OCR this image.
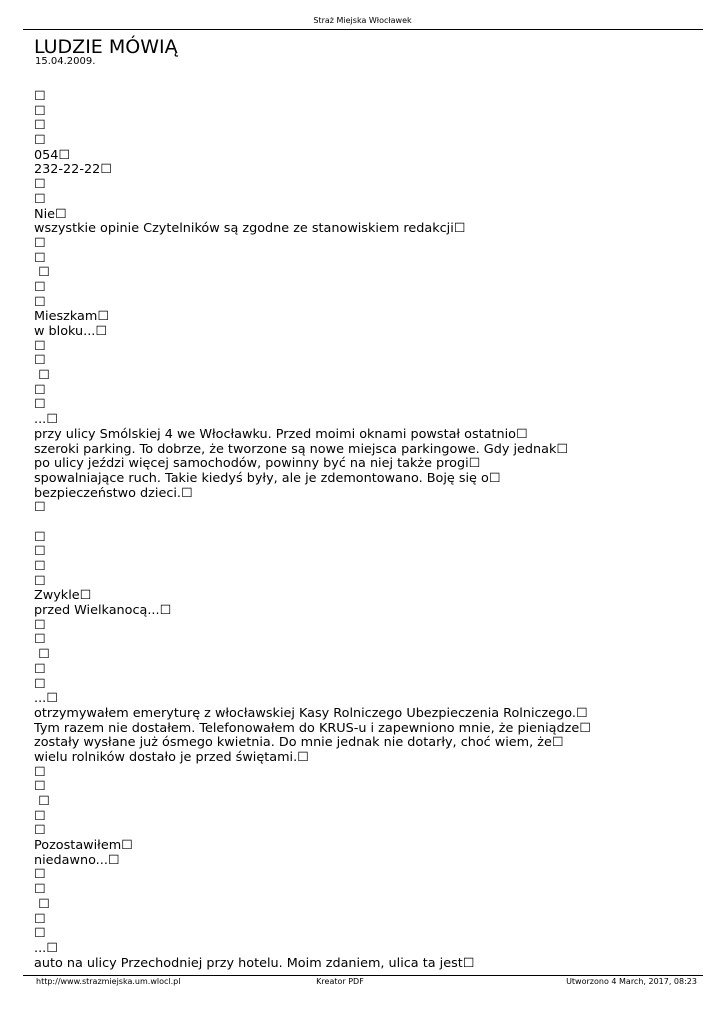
Straż Miejska Włocławek
LUDZIE MÓWIĄ
15.04.2009.
☐
☐
☐
☐
054☐
232-22-22☐
☐
☐
Nie☐
wszystkie opinie Czytelników są zgodne ze stanowiskiem redakcji☐
☐
☐
☐
☐
☐
Mieszkam☐
w bloku...☐
☐
☐
☐
☐
☐
...☐
przy ulicy Smólskiej 4 we Włocławku. Przed moimi oknami powstał ostatnio☐
szeroki parking. To dobrze, że tworzone są nowe miejsca parkingowe. Gdy jednak☐
po ulicy jeździ więcej samochodów, powinny być na niej także progi☐
spowalniające ruch. Takie kiedyś były, ale je zdemontowano. Boję się o☐
bezpieczeństwo dzieci.☐
☐
☐
☐
☐
☐
Zwykle☐
przed Wielkanocą...☐
☐
☐
☐
☐
☐
...☐
otrzymywałem emeryturę z włocławskiej Kasy Rolniczego Ubezpieczenia Rolniczego.☐
Tym razem nie dostałem. Telefonowałem do KRUS-u i zapewniono mnie, że pieniądze☐
zostały wysłane już ósmego kwietnia. Do mnie jednak nie dotarły, choć wiem, że☐
wielu rolników dostało je przed świętami.☐
☐
☐
☐
☐
☐
Pozostawiłem☐
niedawno...☐
☐
☐
☐
☐
☐
...☐
auto na ulicy Przechodniej przy hotelu. Moim zdaniem, ulica ta jest☐
http://www.strazmiejska.um.wlocl.pl	Kreator PDF	Utworzono 4 March, 2017, 08:23
